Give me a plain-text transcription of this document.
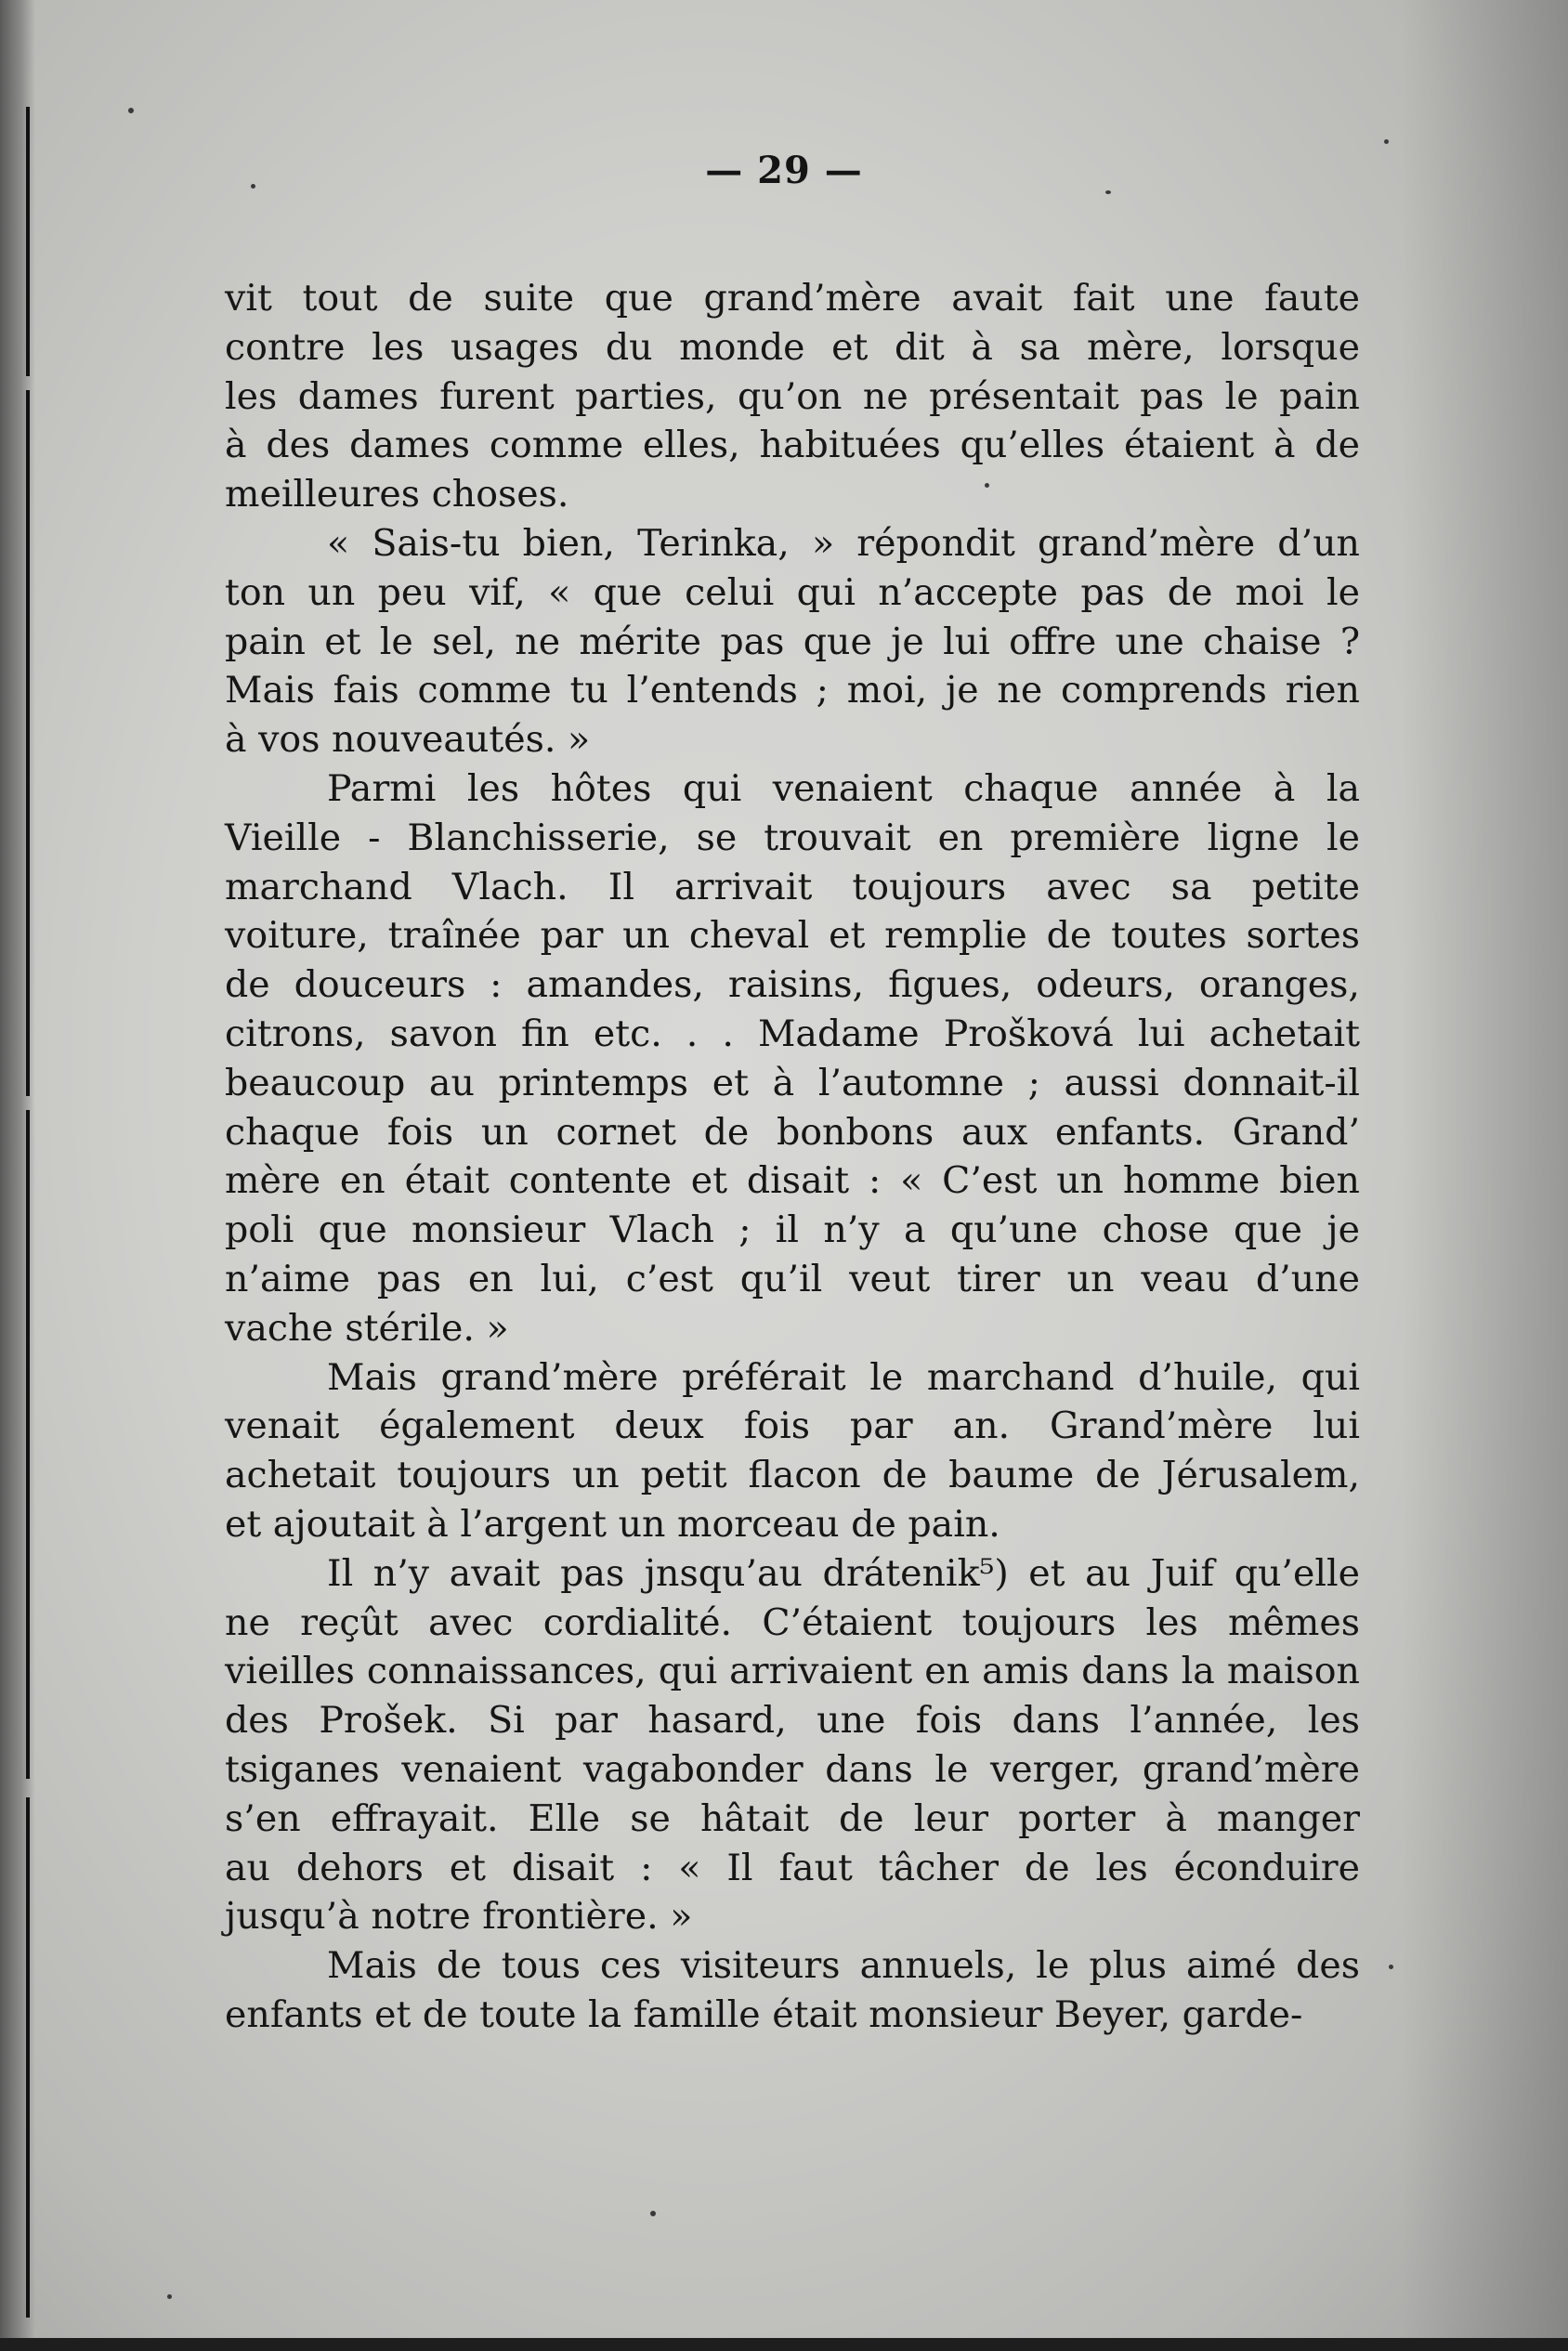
— 29 —
vit tout de suite que grand’mère avait fait une faute
contre les usages du monde et dit à sa mère, lorsque
les dames furent parties, qu’on ne présentait pas le pain
à des dames comme elles, habituées qu’elles étaient à de
meilleures choses.
« Sais-tu bien, Terinka, » répondit grand’mère d’un
ton un peu vif, « que celui qui n’accepte pas de moi le
pain et le sel, ne mérite pas que je lui offre une chaise ?
Mais fais comme tu l’entends ; moi, je ne comprends rien
à vos nouveautés. »
Parmi les hôtes qui venaient chaque année à la
Vieille - Blanchisserie, se trouvait en première ligne le
marchand Vlach. Il arrivait toujours avec sa petite
voiture, traînée par un cheval et remplie de toutes sortes
de douceurs : amandes, raisins, figues, odeurs, oranges,
citrons, savon fin etc. . . Madame Prošková lui achetait
beaucoup au printemps et à l’automne ; aussi donnait-il
chaque fois un cornet de bonbons aux enfants. Grand’
mère en était contente et disait : « C’est un homme bien
poli que monsieur Vlach ; il n’y a qu’une chose que je
n’aime pas en lui, c’est qu’il veut tirer un veau d’une
vache stérile. »
Mais grand’mère préférait le marchand d’huile, qui
venait également deux fois par an. Grand’mère lui
achetait toujours un petit flacon de baume de Jérusalem,
et ajoutait à l’argent un morceau de pain.
Il n’y avait pas jnsqu’au drátenik⁵) et au Juif qu’elle
ne reçût avec cordialité. C’étaient toujours les mêmes
vieilles connaissances, qui arrivaient en amis dans la maison
des Prošek. Si par hasard, une fois dans l’année, les
tsiganes venaient vagabonder dans le verger, grand’mère
s’en effrayait. Elle se hâtait de leur porter à manger
au dehors et disait : « Il faut tâcher de les éconduire
jusqu’à notre frontière. »
Mais de tous ces visiteurs annuels, le plus aimé des
enfants et de toute la famille était monsieur Beyer, garde-
